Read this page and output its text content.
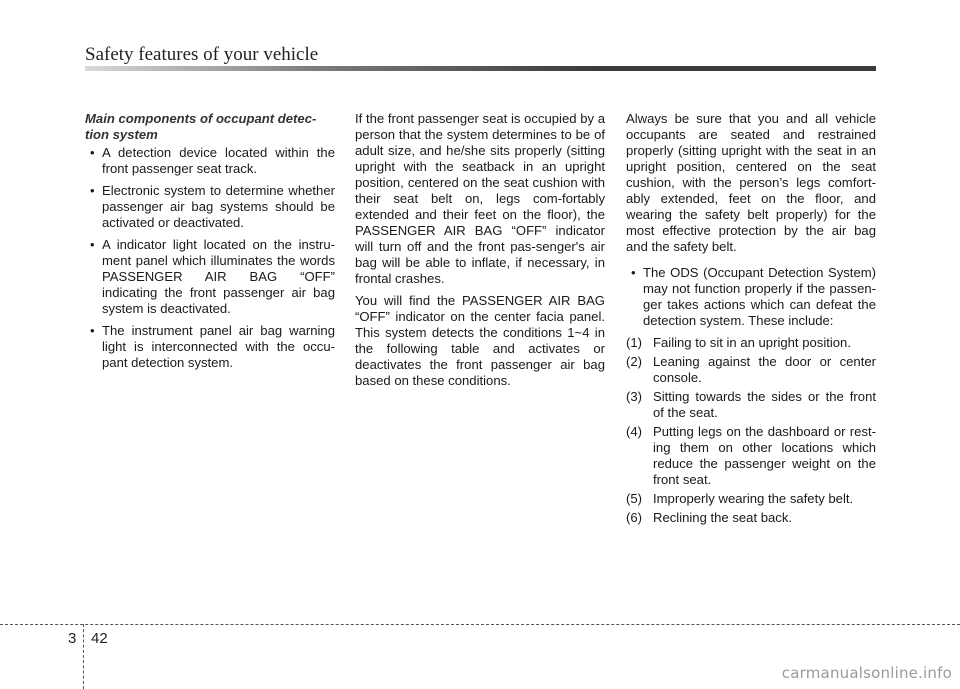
Safety features of your vehicle
Main components of occupant detec-tion system
• A detection device located within the front passenger seat track.
• Electronic system to determine whether passenger air bag systems should be activated or deactivated.
• A indicator light located on the instru-ment panel which illuminates the words PASSENGER AIR BAG “OFF” indicating the front passenger air bag system is deactivated.
• The instrument panel air bag warning light is interconnected with the occu-pant detection system.

If the front passenger seat is occupied by a person that the system determines to be of adult size, and he/she sits properly (sitting upright with the seatback in an upright position, centered on the seat cushion with their seat belt on, legs com-fortably extended and their feet on the floor), the PASSENGER AIR BAG “OFF” indicator will turn off and the front pas-senger's air bag will be able to inflate, if necessary, in frontal crashes.

You will find the PASSENGER AIR BAG “OFF” indicator on the center facia panel. This system detects the conditions 1~4 in the following table and activates or deactivates the front passenger air bag based on these conditions.

Always be sure that you and all vehicle occupants are seated and restrained properly (sitting upright with the seat in an upright position, centered on the seat cushion, with the person’s legs comfort-ably extended, feet on the floor, and wearing the safety belt properly) for the most effective protection by the air bag and the safety belt.

• The ODS (Occupant Detection System) may not function properly if the passen-ger takes actions which can defeat the detection system. These include:
(1) Failing to sit in an upright position.
(2) Leaning against the door or center console.
(3) Sitting towards the sides or the front of the seat.
(4) Putting legs on the dashboard or rest-ing them on other locations which reduce the passenger weight on the front seat.
(5) Improperly wearing the safety belt.
(6) Reclining the seat back.
3 42
carmanualsonline.info
